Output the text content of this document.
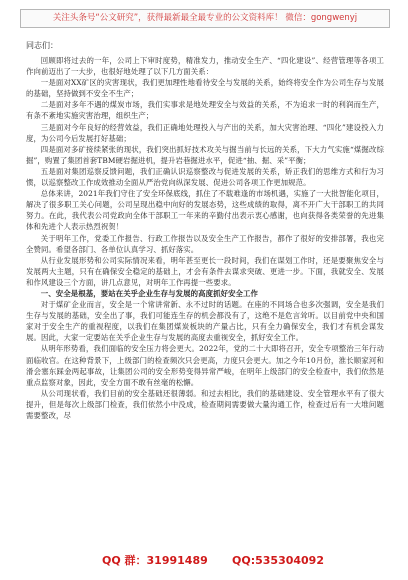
关注头条号“公文研究”，获得最新最全最专业的公文资料库！ 微信：gongwenyj

同志们：

回顾即将过去的一年，公司上下审时度势，精准发力，推动安全生产、“四化建设”、经营管理等各项工作向前迈出了一大步，也很好地处理了以下几方面关系：

一是面对XX矿区的灾害现状，我们更加理性地看待安全与发展的关系，始终将安全作为公司生存与发展的基础，坚持做到不安全不生产；

二是面对多年不遇的煤炭市场，我们实事求是地处理安全与效益的关系，不为追求一时的利润而生产，有条不紊地实施灾害治理，组织生产；

三是面对今年良好的经营效益，我们正确地处理投入与产出的关系，加大灾害治理、“四化”建设投入力度，为公司今后发展打好基础；

四是面对多矿接续紧张的现状，我们突出抓好技术攻关与掘当前与长远的关系，下大力气实施“煤掘改综掘”，购置了集团首套TBM硬岩掘进机，提升岩巷掘进水平，促进“抽、掘、采”平衡；

五是面对集团巡察反馈问题，我们正确认识巡察整改与促进发展的关系，矫正我们的思维方式和行为习惯，以巡察整改工作成效推动全面从严治党向纵深发展、促进公司各项工作更加规范。

总体来讲，2021年我们守住了安全环保底线，抓住了不载难逢的市场机遇，实施了一大批智能化项目，解决了很多职工关心问题，公司呈现出稳中向好的发展态势，这些成绩的取得，离不开广大干部职工的共同努力。在此，我代表公司党政向全体干部职工一年来的辛勤付出表示衷心感谢，也向获得各类荣誉的先进集体和先进个人表示热烈祝贺！

关于明年工作，党委工作报告、行政工作报告以及安全生产工作报告，都作了很好的安排部署，我也完全赞同。希望各部门、各单位认真学习、抓好落实。

从行业发展形势和公司实际情况来看，明年甚至更长一段时间，我们在谋划工作时，还是要聚焦安全与发展两大主题，只有在确保安全稳定的基础上，才会有条件去谋求突破、更进一步。下面，我就安全、发展和作风建设三个方面，讲几点意见，对明年工作再提一些要求。

一、安全是根基，要站在关乎企业生存与发展的高度抓好安全工作

对于煤矿企业而言，安全是一个常讲常新、永不过时的话题。在座的不同场合也多次强调，安全是我们生存与发展的基础，安全出了事，我们可能连生存的机会都没有了，这绝不是危言耸听。以目前党中央和国家对于安全生产的重视程度，以我们在集团煤炭板块的产量占比，只有全力确保安全，我们才有机会谋发展。因此，大家一定要站在关乎企业生存与发展的高度去重视安全，抓好安全工作。

从明年形势看，我们面临的安全压力将会更大。2022年，党的二十大即将召开，安全专项整治三年行动面临收官。在这种背景下，上级部门的检查频次只会更高，力度只会更大。加之今年10月份，淮长顺家河和滑会塞东踩金两起事故，让集团公司的安全形势变得异常严峻，在明年上级部门的安全检查中，我们依然是重点监察对象，因此，安全方面不敢有丝毫的松懈。

从公司现状看，我们目前的安全基础还很薄弱。和过去相比，我们的基础建设、安全管理水平有了很大提升，但是每次上级部门检查，我们依然小中没成，检查期间需要做大量沟通工作，检查过后有一大堆问题需要整改，尽

QQ 群：31991489 QQ:535304092
